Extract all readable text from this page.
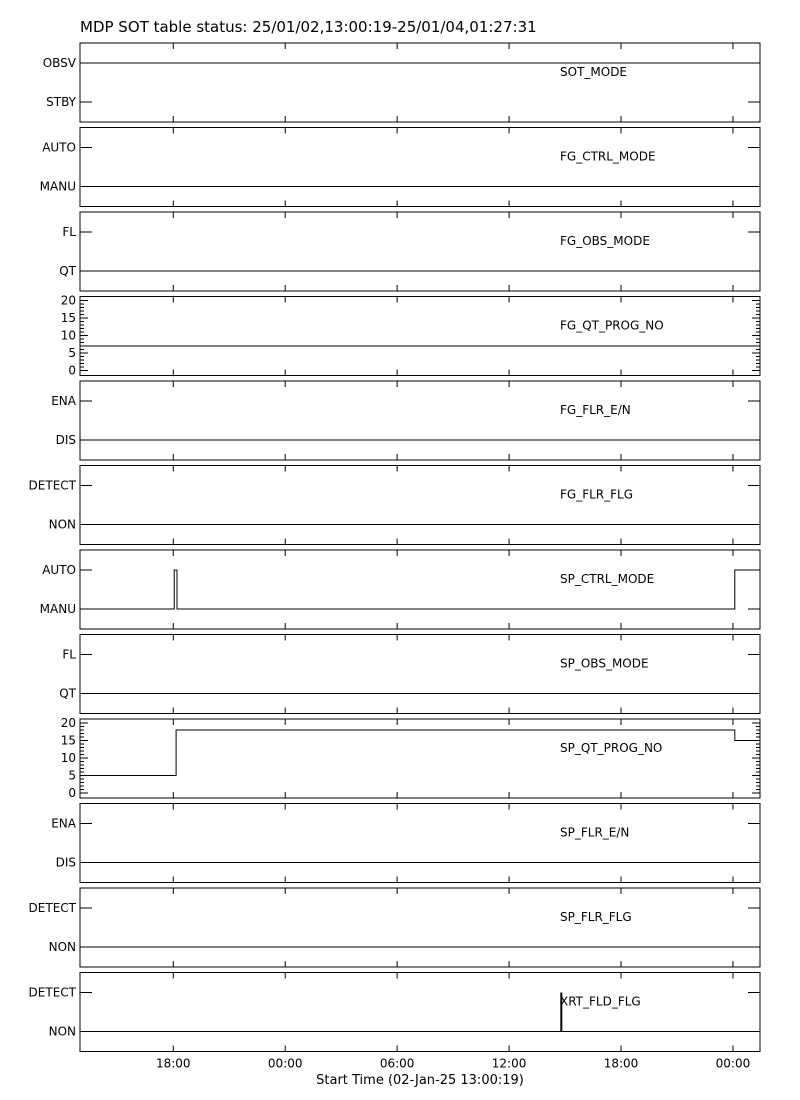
MDP SOT table status: 25/01/02,13:00:19-25/01/04,01:27:31
OBSV
STBY
SOT_MODE
AUTO
MANU
FG_CTRL_MODE
FL
QT
FG_OBS_MODE
0
5
10
15
20
FG_QT_PROG_NO
ENA
DIS
FG_FLR_E/N
DETECT
NON
FG_FLR_FLG
AUTO
MANU
SP_CTRL_MODE
FL
QT
SP_OBS_MODE
0
5
10
15
20
SP_QT_PROG_NO
ENA
DIS
SP_FLR_E/N
DETECT
NON
SP_FLR_FLG
DETECT
NON
XRT_FLD_FLG
18:00	00:00	06:00	12:00	18:00	00:00
Start Time (02-Jan-25 13:00:19)
